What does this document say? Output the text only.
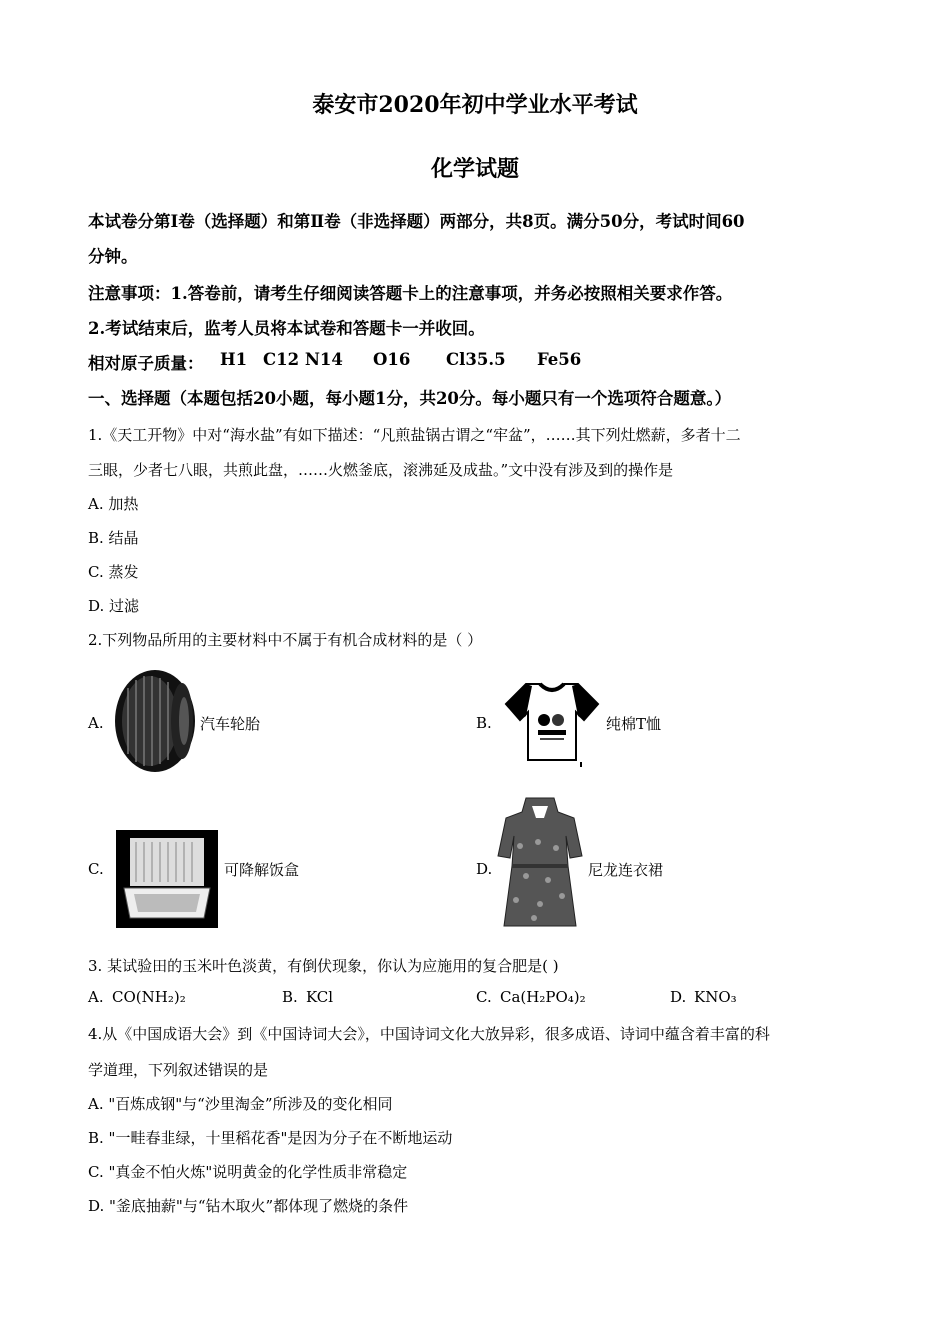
泰安市2020年初中学业水平考试
化学试题
本试卷分第Ⅰ卷（选择题）和第Ⅱ卷（非选择题）两部分，共8页。满分50分，考试时间60
分钟。
注意事项：1.答卷前，请考生仔细阅读答题卡上的注意事项，并务必按照相关要求作答。
2.考试结束后，监考人员将本试卷和答题卡一并收回。
相对原子质量： H1 C12 N14 O16 Cl35.5 Fe56
一、选择题（本题包括20小题，每小题1分，共20分。每小题只有一个选项符合题意。）
1.《天工开物》中对“海水盐”有如下描述：“凡煎盐锅古谓之“牢盆”，……其下列灶燃薪，多者十二
三眼，少者七八眼，共煎此盘，……火燃釜底，滚沸延及成盐。”文中没有涉及到的操作是
A. 加热
B. 结晶
C. 蒸发
D. 过滤
2.下列物品所用的主要材料中不属于有机合成材料的是（ ）
A.	汽车轮胎	B.	纯棉T恤
C.	可降解饭盒	D.	尼龙连衣裙
3. 某试验田的玉米叶色淡黄，有倒伏现象，你认为应施用的复合肥是( )
A. CO(NH₂)₂	B. KCl	C. Ca(H₂PO₄)₂	D. KNO₃
4.从《中国成语大会》到《中国诗词大会》，中国诗词文化大放异彩，很多成语、诗词中蕴含着丰富的科
学道理，下列叙述错误的是
A. "百炼成钢"与“沙里淘金”所涉及的变化相同
B. "一畦春韭绿，十里稻花香"是因为分子在不断地运动
C. "真金不怕火炼"说明黄金的化学性质非常稳定
D. "釜底抽薪"与“钻木取火”都体现了燃烧的条件
